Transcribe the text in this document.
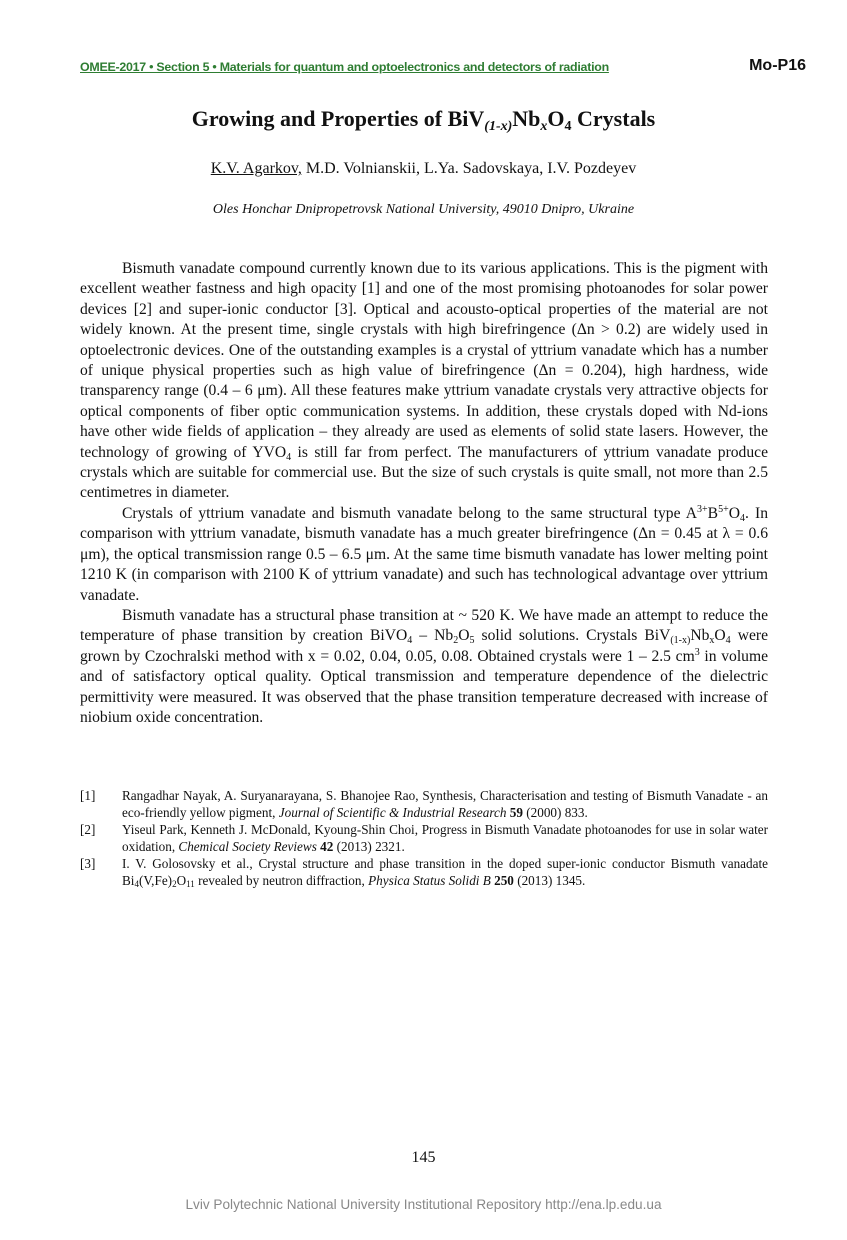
OMEE-2017 • Section 5 • Materials for quantum and optoelectronics and detectors of radiation	Mo-P16
Growing and Properties of $BiV_{(1-x)}Nb_xO_4$ Crystals
K.V. Agarkov, M.D. Volnianskii, L.Ya. Sadovskaya, I.V. Pozdeyev
Oles Honchar Dnipropetrovsk National University, 49010 Dnipro, Ukraine

Bismuth vanadate compound currently known due to its various applications. This is the pigment with excellent weather fastness and high opacity [1] and one of the most promising photoanodes for solar power devices [2] and super-ionic conductor [3]. Optical and acousto-optical properties of the material are not widely known. At the present time, single crystals with high birefringence (Δn > 0.2) are widely used in optoelectronic devices. One of the outstanding examples is a crystal of yttrium vanadate which has a number of unique physical properties such as high value of birefringence (Δn = 0.204), high hardness, wide transparency range (0.4 – 6 μm). All these features make yttrium vanadate crystals very attractive objects for optical components of fiber optic communication systems. In addition, these crystals doped with Nd-ions have other wide fields of application – they already are used as elements of solid state lasers. However, the technology of growing of $YVO_4$ is still far from perfect. The manufacturers of yttrium vanadate produce crystals which are suitable for commercial use. But the size of such crystals is quite small, not more than 2.5 centimetres in diameter.

Crystals of yttrium vanadate and bismuth vanadate belong to the same structural type $A^{3+}B^{5+}O_4$. In comparison with yttrium vanadate, bismuth vanadate has a much greater birefringence (Δn = 0.45 at λ = 0.6 μm), the optical transmission range 0.5 – 6.5 μm. At the same time bismuth vanadate has lower melting point 1210 K (in comparison with 2100 K of yttrium vanadate) and such has technological advantage over yttrium vanadate.

Bismuth vanadate has a structural phase transition at ~ 520 K. We have made an attempt to reduce the temperature of phase transition by creation BiVO$_4$ – $Nb_2O_5$ solid solutions. Crystals $BiV_{(1-x)}Nb_xO_4$ were grown by Czochralski method with x = 0.02, 0.04, 0.05, 0.08. Obtained crystals were 1 – 2.5 $cm^3$ in volume and of satisfactory optical quality. Optical transmission and temperature dependence of the dielectric permittivity were measured. It was observed that the phase transition temperature decreased with increase of niobium oxide concentration.

[1] Rangadhar Nayak, A. Suryanarayana, S. Bhanojee Rao, Synthesis, Characterisation and testing of Bismuth Vanadate - an eco-friendly yellow pigment, Journal of Scientific & Industrial Research 59 (2000) 833.
[2] Yiseul Park, Kenneth J. McDonald, Kyoung-Shin Choi, Progress in Bismuth Vanadate photoanodes for use in solar water oxidation, Chemical Society Reviews 42 (2013) 2321.
[3] I. V. Golosovsky et al., Crystal structure and phase transition in the doped super-ionic conductor Bismuth vanadate $Bi_4(V,Fe)_2O_{11}$ revealed by neutron diffraction, Physica Status Solidi B 250 (2013) 1345.
145
Lviv Polytechnic National University Institutional Repository http://ena.lp.edu.ua
